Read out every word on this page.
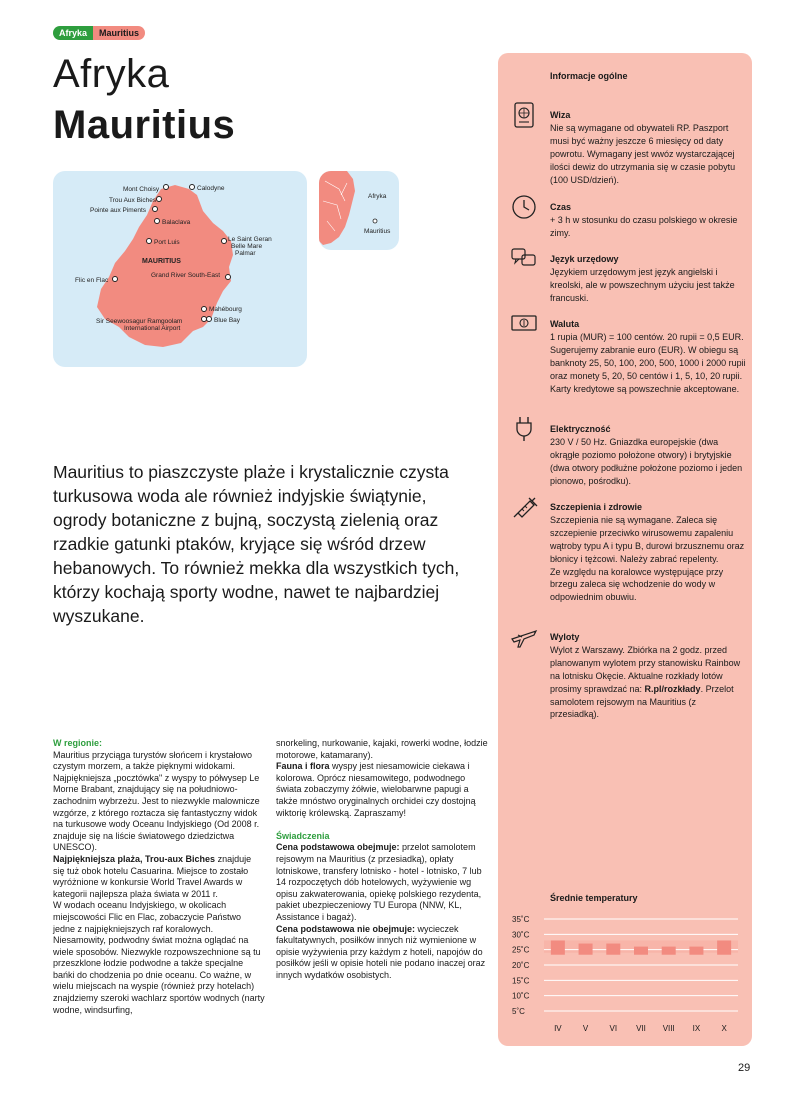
Afryka	Mauritius
Afryka
Mauritius
Mont Choisy	Calodyne
Trou Aux Biches
Pointe aux Piments
Balaclava
Port Luis	Le Saint Geran
Belle Mare
Palmar
Grand River South-East
Flic en Flac
Mahébourg
Sir Seewoosagur Ramgoolam
International Airport
Blue Bay
MAURITIUS
Afryka
Mauritius

Mauritius to piaszczyste plaże i krystalicznie czysta turkusowa woda ale również indyjskie świątynie, ogrody botaniczne z bujną, soczystą zielenią oraz rzadkie gatunki ptaków, kryjące się wśród drzew hebanowych. To również mekka dla wszystkich tych, którzy kochają sporty wodne, nawet te najbardziej wyszukane.

W regionie:

Mauritius przyciąga turystów słońcem i krystałowo czystym morzem, a także pięknymi widokami. Najpiękniejsza „pocztówka" z wyspy to półwysep Le Morne Brabant, znajdujący się na południowo-zachodnim wybrzeżu. Jest to niezwykle malownicze wzgórze, z którego roztacza się fantastyczny widok na turkusowe wody Oceanu Indyjskiego (Od 2008 r. znajduje się na liście światowego dziedzictwa UNESCO).

Najpiękniejsza plaża, Trou-aux Biches znajduje się tuż obok hotelu Casuarina. Miejsce to zostało wyróżnione w konkursie World Travel Awards w kategorii najlepsza plaża świata w 2011 r.

W wodach oceanu Indyjskiego, w okolicach miejscowości Flic en Flac, zobaczycie Państwo jedne z najpiękniejszych raf koralowych. Niesamowity, podwodny świat można oglądać na wiele sposobów. Niezwykle rozpowszechnione są tu przeszklone łodzie podwodne a także specjalne bańki do chodzenia po dnie oceanu. Co ważne, w wielu miejscach na wyspie (również przy hotelach) znajdziemy szeroki wachlarz sportów wodnych (narty wodne, windsurfing,

snorkeling, nurkowanie, kajaki, rowerki wodne, łodzie motorowe, katamarany).

Fauna i flora wyspy jest niesamowicie ciekawa i kolorowa. Oprócz niesamowitego, podwodnego świata zobaczymy żółwie, wielobarwne papugi a także mnóstwo oryginalnych orchidei czy dostojną wiktorię królewską. Zapraszamy!

Świadczenia

Cena podstawowa obejmuje: przelot samolotem rejsowym na Mauritius (z przesiadką), opłaty lotniskowe, transfery lotnisko - hotel - lotnisko, 7 lub 14 rozpoczętych dób hotelowych, wyżywienie wg opisu zakwaterowania, opiekę polskiego rezydenta, pakiet ubezpieczeniowy TU Europa (NNW, KL, Assistance i bagaż).

Cena podstawowa nie obejmuje: wycieczek fakultatywnych, posiłków innych niż wymienione w opisie wyżywienia przy każdym z hoteli, napojów do posiłków jeśli w opisie hoteli nie podano inaczej oraz innych wydatków osobistych.

Informacje ogólne
Wiza
Nie są wymagane od obywateli RP. Paszport musi być ważny jeszcze 6 miesięcy od daty powrotu. Wymagany jest wwóz wystarczającej ilości dewiz do utrzymania się w czasie pobytu (100 USD/dzień).
Czas
+ 3 h w stosunku do czasu polskiego w okresie zimy.
Język urzędowy
Językiem urzędowym jest język angielski i kreolski, ale w powszechnym użyciu jest także francuski.
Waluta
1 rupia (MUR) = 100 centów. 20 rupii = 0,5 EUR. Sugerujemy zabranie euro (EUR). W obiegu są banknoty 25, 50, 100, 200, 500, 1000 i 2000 rupii oraz monety 5, 20, 50 centów i 1, 5, 10, 20 rupii. Karty kredytowe są powszechnie akceptowane.
Elektryczność
230 V / 50 Hz. Gniazdka europejskie (dwa okrągłe poziomo położone otwory) i brytyjskie (dwa otwory podłużne położone poziomo i jeden pionowo, pośrodku).
Szczepienia i zdrowie
Szczepienia nie są wymagane. Zaleca się szczepienie przeciwko wirusowemu zapaleniu wątroby typu A i typu B, durowi brzusznemu oraz błonicy i tężcowi. Należy zabrać repelenty.
Ze względu na koralowce występujące przy brzegu zaleca się wchodzenie do wody w odpowiednim obuwiu.
Wyloty
Wylot z Warszawy. Zbiórka na 2 godz. przed planowanym wylotem przy stanowisku Rainbow na lotnisku Okęcie. Aktualne rozkłady lotów prosimy sprawdzać na: R.pl/rozkłady. Przelot samolotem rejsowym na Mauritius (z przesiadką).
Średnie temperatury
35˚C
30˚C
25˚C
20˚C
15˚C
10˚C
5˚C
IV	V	VI VII VIII IX	X
29
